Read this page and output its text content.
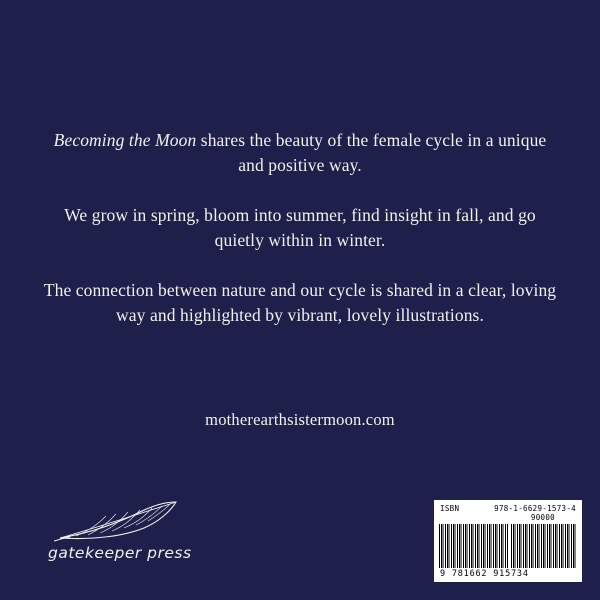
Becoming the Moon shares the beauty of the female cycle in a unique and positive way.

We grow in spring, bloom into summer, find insight in fall, and go quietly within in winter.

The connection between nature and our cycle is shared in a clear, loving way and highlighted by vibrant, lovely illustrations.

motherearthsistermoon.com
gatekeeper press
ISBN	978-1-6629-1573-4
90000
9 781662 915734
